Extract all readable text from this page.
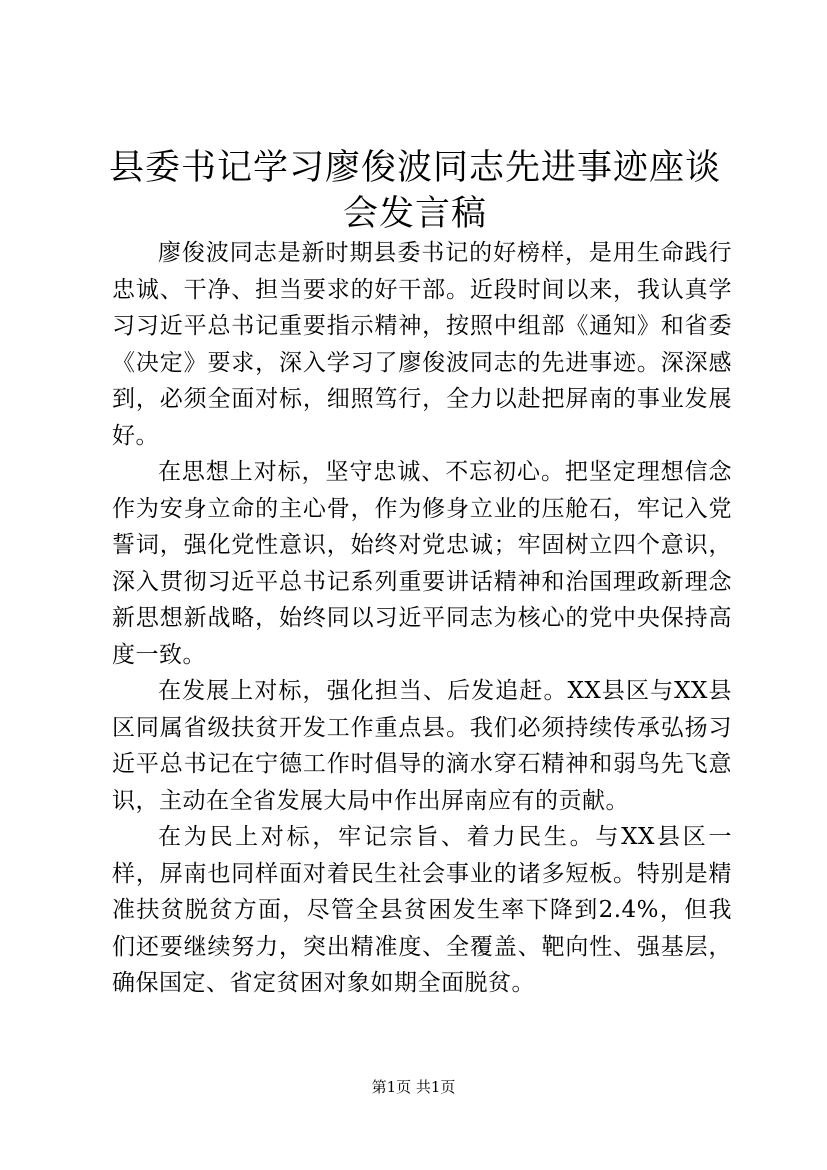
县委书记学习廖俊波同志先进事迹座谈会发言稿

廖俊波同志是新时期县委书记的好榜样，是用生命践行忠诚、干净、担当要求的好干部。近段时间以来，我认真学习习近平总书记重要指示精神，按照中组部《通知》和省委《决定》要求，深入学习了廖俊波同志的先进事迹。深深感到，必须全面对标，细照笃行，全力以赴把屏南的事业发展好。

在思想上对标，坚守忠诚、不忘初心。把坚定理想信念作为安身立命的主心骨，作为修身立业的压舱石，牢记入党誓词，强化党性意识，始终对党忠诚；牢固树立四个意识，深入贯彻习近平总书记系列重要讲话精神和治国理政新理念新思想新战略，始终同以习近平同志为核心的党中央保持高度一致。

在发展上对标，强化担当、后发追赶。XX县区与XX县区同属省级扶贫开发工作重点县。我们必须持续传承弘扬习近平总书记在宁德工作时倡导的滴水穿石精神和弱鸟先飞意识，主动在全省发展大局中作出屏南应有的贡献。

在为民上对标，牢记宗旨、着力民生。与XX县区一样，屏南也同样面对着民生社会事业的诸多短板。特别是精准扶贫脱贫方面，尽管全县贫困发生率下降到2.4%，但我们还要继续努力，突出精准度、全覆盖、靶向性、强基层，确保国定、省定贫困对象如期全面脱贫。

第1页 共1页
